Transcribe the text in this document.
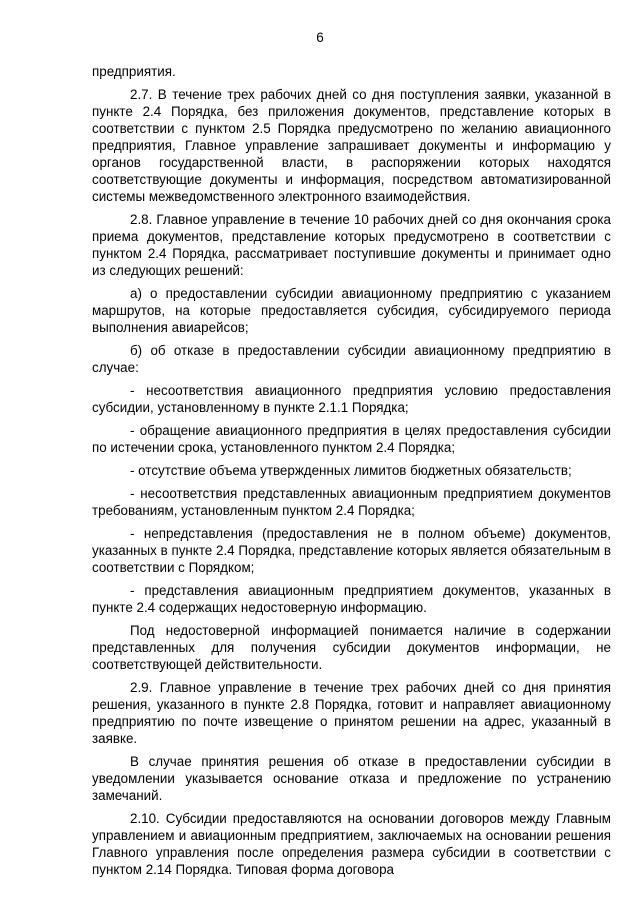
6

предприятия.

2.7. В течение трех рабочих дней со дня поступления заявки, указанной в пункте 2.4 Порядка, без приложения документов, представление которых в соответствии с пунктом 2.5 Порядка предусмотрено по желанию авиационного предприятия, Главное управление запрашивает документы и информацию у органов государственной власти, в распоряжении которых находятся соответствующие документы и информация, посредством автоматизированной системы межведомственного электронного взаимодействия.

2.8. Главное управление в течение 10 рабочих дней со дня окончания срока приема документов, представление которых предусмотрено в соответствии с пунктом 2.4 Порядка, рассматривает поступившие документы и принимает одно из следующих решений:

а) о предоставлении субсидии авиационному предприятию с указанием маршрутов, на которые предоставляется субсидия, субсидируемого периода выполнения авиарейсов;

б) об отказе в предоставлении субсидии авиационному предприятию в случае:

- несоответствия авиационного предприятия условию предоставления субсидии, установленному в пункте 2.1.1 Порядка;

- обращение авиационного предприятия в целях предоставления субсидии по истечении срока, установленного пунктом 2.4 Порядка;

- отсутствие объема утвержденных лимитов бюджетных обязательств;

- несоответствия представленных авиационным предприятием документов требованиям, установленным пунктом 2.4 Порядка;

- непредставления (предоставления не в полном объеме) документов, указанных в пункте 2.4 Порядка, представление которых является обязательным в соответствии с Порядком;

- представления авиационным предприятием документов, указанных в пункте 2.4 содержащих недостоверную информацию.

Под недостоверной информацией понимается наличие в содержании представленных для получения субсидии документов информации, не соответствующей действительности.

2.9. Главное управление в течение трех рабочих дней со дня принятия решения, указанного в пункте 2.8 Порядка, готовит и направляет авиационному предприятию по почте извещение о принятом решении на адрес, указанный в заявке.

В случае принятия решения об отказе в предоставлении субсидии в уведомлении указывается основание отказа и предложение по устранению замечаний.

2.10. Субсидии предоставляются на основании договоров между Главным управлением и авиационным предприятием, заключаемых на основании решения Главного управления после определения размера субсидии в соответствии с пунктом 2.14 Порядка. Типовая форма договора
